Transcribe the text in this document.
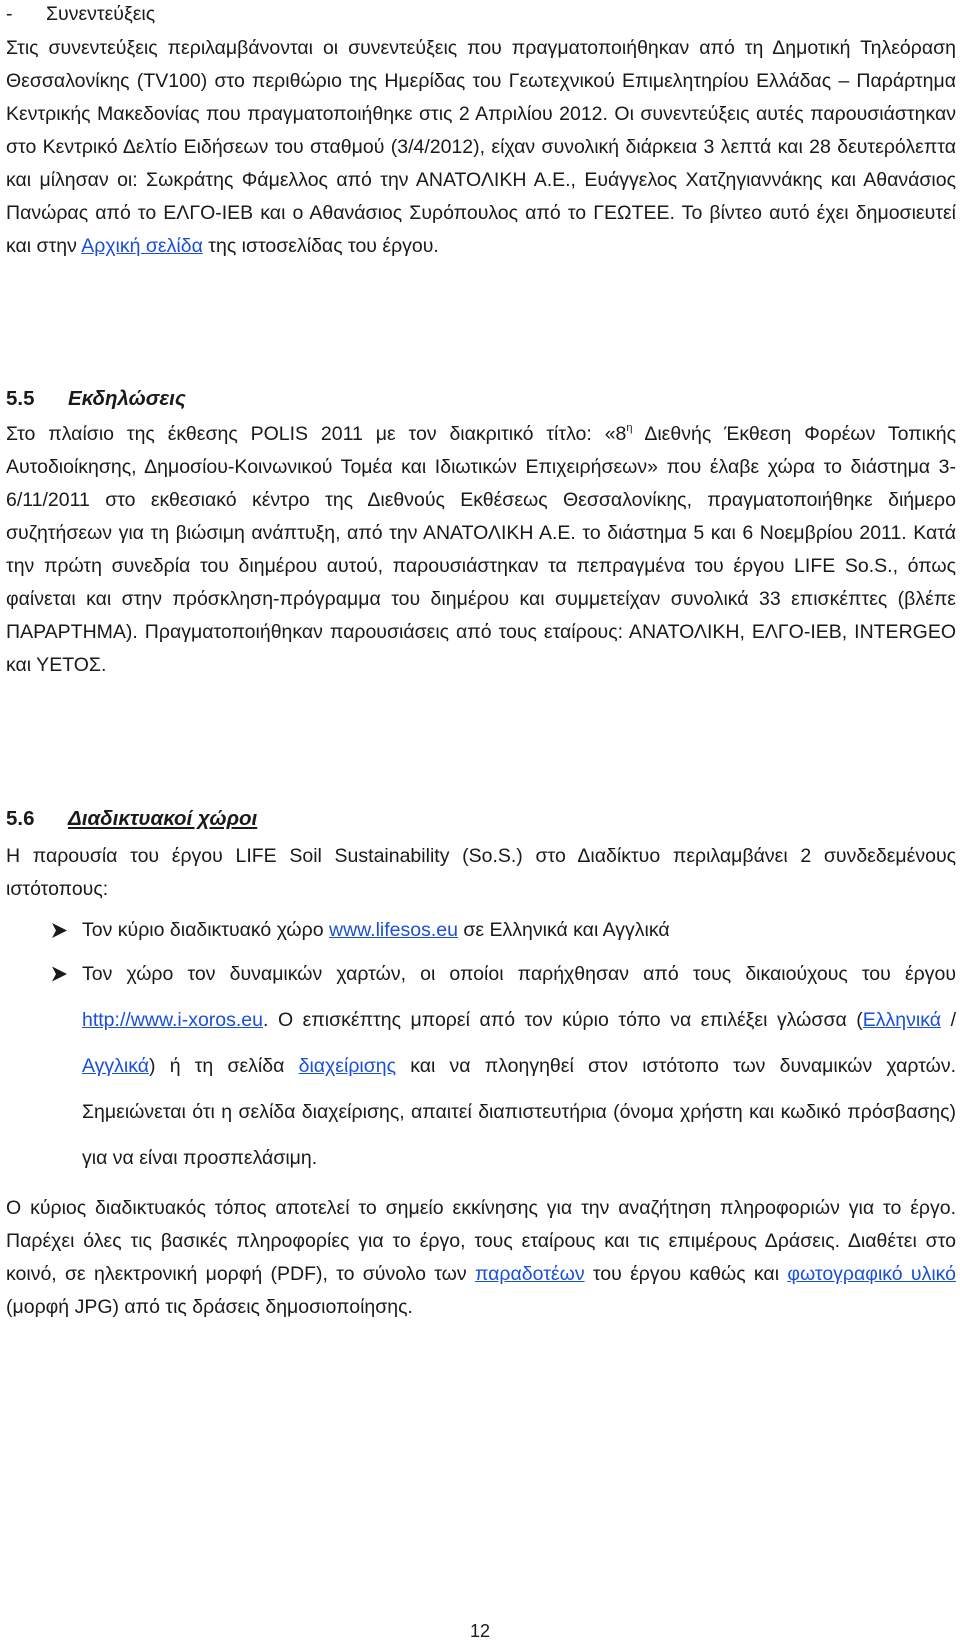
- Συνεντεύξεις
Στις συνεντεύξεις περιλαμβάνονται οι συνεντεύξεις που πραγματοποιήθηκαν από τη Δημοτική Τηλεόραση Θεσσαλονίκης (TV100) στο περιθώριο της Ημερίδας του Γεωτεχνικού Επιμελητηρίου Ελλάδας – Παράρτημα Κεντρικής Μακεδονίας που πραγματοποιήθηκε στις 2 Απριλίου 2012. Οι συνεντεύξεις αυτές παρουσιάστηκαν στο Κεντρικό Δελτίο Ειδήσεων του σταθμού (3/4/2012), είχαν συνολική διάρκεια 3 λεπτά και 28 δευτερόλεπτα και μίλησαν οι: Σωκράτης Φάμελλος από την ΑΝΑΤΟΛΙΚΗ Α.Ε., Ευάγγελος Χατζηγιαννάκης και Αθανάσιος Πανώρας από το ΕΛΓΟ-ΙΕΒ και ο Αθανάσιος Συρόπουλος από το ΓΕΩΤΕΕ. Το βίντεο αυτό έχει δημοσιευτεί και στην Αρχική σελίδα της ιστοσελίδας του έργου.
5.5 Εκδηλώσεις
Στο πλαίσιο της έκθεσης POLIS 2011 με τον διακριτικό τίτλο: «$8^\eta$ Διεθνής Έκθεση Φορέων Τοπικής Αυτοδιοίκησης, Δημοσίου-Κοινωνικού Τομέα και Ιδιωτικών Επιχειρήσεων» που έλαβε χώρα το διάστημα 3-6/11/2011 στο εκθεσιακό κέντρο της Διεθνούς Εκθέσεως Θεσσαλονίκης, πραγματοποιήθηκε διήμερο συζητήσεων για τη βιώσιμη ανάπτυξη, από την ΑΝΑΤΟΛΙΚΗ Α.Ε. το διάστημα 5 και 6 Νοεμβρίου 2011. Κατά την πρώτη συνεδρία του διημέρου αυτού, παρουσιάστηκαν τα πεπραγμένα του έργου LIFE So.S., όπως φαίνεται και στην πρόσκληση-πρόγραμμα του διημέρου και συμμετείχαν συνολικά 33 επισκέπτες (βλέπε ΠΑΡΑΡΤΗΜΑ). Πραγματοποιήθηκαν παρουσιάσεις από τους εταίρους: ΑΝΑΤΟΛΙΚΗ, ΕΛΓΟ-ΙΕΒ, INTERGEO και ΥΕΤΟΣ.
5.6 Διαδικτυακοί χώροι
Η παρουσία του έργου LIFE Soil Sustainability (So.S.) στο Διαδίκτυο περιλαμβάνει 2 συνδεδεμένους ιστότοπους:
Τον κύριο διαδικτυακό χώρο www.lifesos.eu σε Ελληνικά και Αγγλικά
Τον χώρο τον δυναμικών χαρτών, οι οποίοι παρήχθησαν από τους δικαιούχους του έργου http://www.i-xoros.eu. Ο επισκέπτης μπορεί από τον κύριο τόπο να επιλέξει γλώσσα (Ελληνικά / Αγγλικά) ή τη σελίδα διαχείρισης και να πλοηγηθεί στον ιστότοπο των δυναμικών χαρτών. Σημειώνεται ότι η σελίδα διαχείρισης, απαιτεί διαπιστευτήρια (όνομα χρήστη και κωδικό πρόσβασης) για να είναι προσπελάσιμη.
Ο κύριος διαδικτυακός τόπος αποτελεί το σημείο εκκίνησης για την αναζήτηση πληροφοριών για το έργο. Παρέχει όλες τις βασικές πληροφορίες για το έργο, τους εταίρους και τις επιμέρους Δράσεις. Διαθέτει στο κοινό, σε ηλεκτρονική μορφή (PDF), το σύνολο των παραδοτέων του έργου καθώς και φωτογραφικό υλικό (μορφή JPG) από τις δράσεις δημοσιοποίησης.
12
